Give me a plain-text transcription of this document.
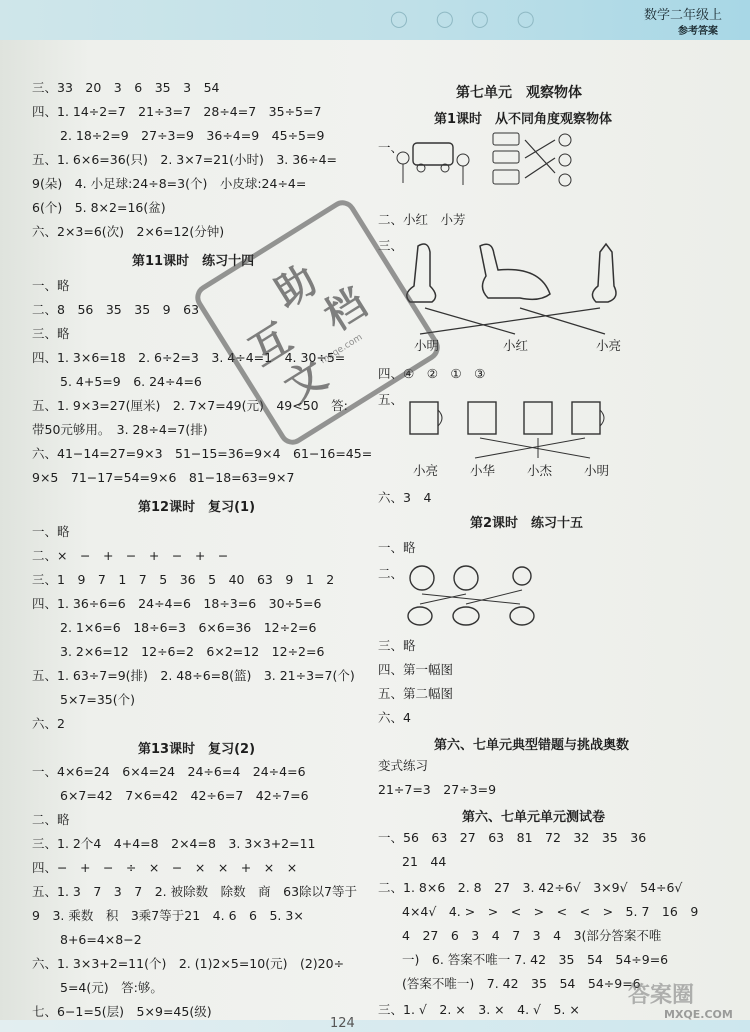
◯　◯ ◯　◯	数学二年级上
参考答案
三、33　20　3　6　35　3　54
四、1. 14÷2=7　21÷3=7　28÷4=7　35÷5=7
2. 18÷2=9　27÷3=9　36÷4=9　45÷5=9
五、1. 6×6=36(只)　2. 3×7=21(小时)　3. 36÷4=
9(朵)　4. 小足球:24÷8=3(个)　小皮球:24÷4=
6(个)　5. 8×2=16(盆)
六、2×3=6(次)　2×6=12(分钟)
一、略
二、8　56　35　35　9　63
三、略
四、1. 3×6=18　2. 6÷2=3　3. 4÷4=1　4. 30÷5=
5. 4+5=9　6. 24÷4=6
五、1. 9×3=27(厘米)　2. 7×7=49(元)　49<50　答:
带50元够用。　3. 28÷4=7(排)
六、41−14=27=9×3　51−15=36=9×4　61−16=45=
9×5　71−17=54=9×6　81−18=63=9×7
一、略
二、×　−　+　−　+　−　+　−
三、1　9　7　1　7　5　36　5　40　63　9　1　2
四、1. 36÷6=6　24÷4=6　18÷3=6　30÷5=6
2. 1×6=6　18÷6=3　6×6=36　12÷2=6
3. 2×6=12　12÷6=2　6×2=12　12÷2=6
五、1. 63÷7=9(排)　2. 48÷6=8(篮)　3. 21÷3=7(个)
5×7=35(个)
六、2
一、4×6=24　6×4=24　24÷6=4　24÷4=6
6×7=42　7×6=42　42÷6=7　42÷7=6
二、略
三、1. 2个4　4+4=8　2×4=8　3. 3×3+2=11
四、−　+　−　÷　×　−　×　×　+　×　×
五、1. 3　7　3　7　2. 被除数　除数　商　63除以7等于
9　3. 乘数　积　3乘7等于21　4. 6　6　5. 3×
8+6=4×8−2
六、1. 3×3+2=11(个)　2. (1)2×5=10(元)　(2)20÷
5=4(元)　答:够。
七、6−1=5(层)　5×9=45(级)
第11课时　练习十四
第12课时　复习(1)
第13课时　复习(2)
一、
二、小红　小芳
三、
小明	小红	小亮
四、④　②　①　③
五、
小亮	小华	小杰	小明
六、3　4
一、略
二、
三、略
四、第一幅图
五、第二幅图
六、4
变式练习
21÷7=3　27÷3=9
一、56　63　27　63　81　72　32　35　36
21　44
二、1. 8×6　2. 8　27　3. 42÷6√　3×9√　54÷6√
4×4√　4. >　>　<　>　<　<　>　5. 7　16　9
4　27　6　3　4　7　3　4　3(部分答案不唯
一)　6. 答案不唯一 7. 42　35　54　54÷9=6
(答案不唯一)　7. 42　35　54　54÷9=6
三、1. √　2. ×　3. ×　4. √　5. ×
第七单元　观察物体
第1课时　从不同角度观察物体
第2课时　练习十五
第六、七单元典型错题与挑战奥数
第六、七单元单元测试卷
互
助
文
档
mxqe.com
124
答案圈
MXQE.COM
